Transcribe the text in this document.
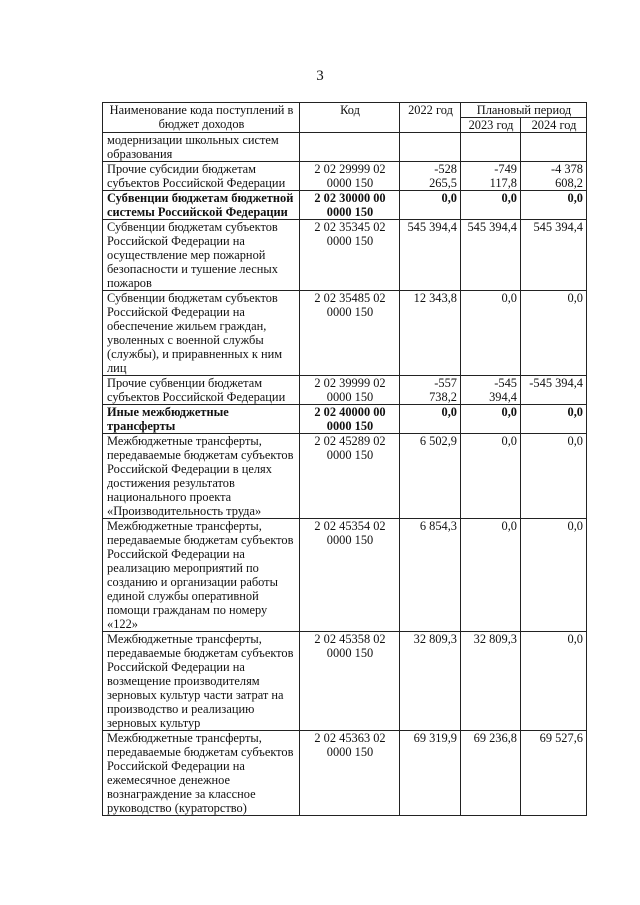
3
Наименование кода поступлений в бюджет доходов	Код	2022 год	Плановый период	
			2023 год	2024 год
модернизации школьных систем образования				
Прочие субсидии бюджетам субъектов Российской Федерации	2 02 29999 02 0000 150	-528 265,5	-749 117,8	-4 378 608,2
Субвенции бюджетам бюджетной системы Российской Федерации	2 02 30000 00 0000 150	0,0	0,0	0,0
Субвенции бюджетам субъектов Российской Федерации на осуществление мер пожарной безопасности и тушение лесных пожаров	2 02 35345 02 0000 150	545 394,4	545 394,4	545 394,4
Субвенции бюджетам субъектов Российской Федерации на обеспечение жильем граждан, уволенных с военной службы (службы), и приравненных к ним лиц	2 02 35485 02 0000 150	12 343,8	0,0	0,0
Прочие субвенции бюджетам субъектов Российской Федерации	2 02 39999 02 0000 150	-557 738,2	-545 394,4	-545 394,4
Иные межбюджетные трансферты	2 02 40000 00 0000 150	0,0	0,0	0,0
Межбюджетные трансферты, передаваемые бюджетам субъектов Российской Федерации в целях достижения результатов национального проекта «Производительность труда»	2 02 45289 02 0000 150	6 502,9	0,0	0,0
Межбюджетные трансферты, передаваемые бюджетам субъектов Российской Федерации на реализацию мероприятий по созданию и организации работы единой службы оперативной помощи гражданам по номеру «122»	2 02 45354 02 0000 150	6 854,3	0,0	0,0
Межбюджетные трансферты, передаваемые бюджетам субъектов Российской Федерации на возмещение производителям зерновых культур части затрат на производство и реализацию зерновых культур	2 02 45358 02 0000 150	32 809,3	32 809,3	0,0
Межбюджетные трансферты, передаваемые бюджетам субъектов Российской Федерации на ежемесячное денежное вознаграждение за классное руководство (кураторство)	2 02 45363 02 0000 150	69 319,9	69 236,8	69 527,6
